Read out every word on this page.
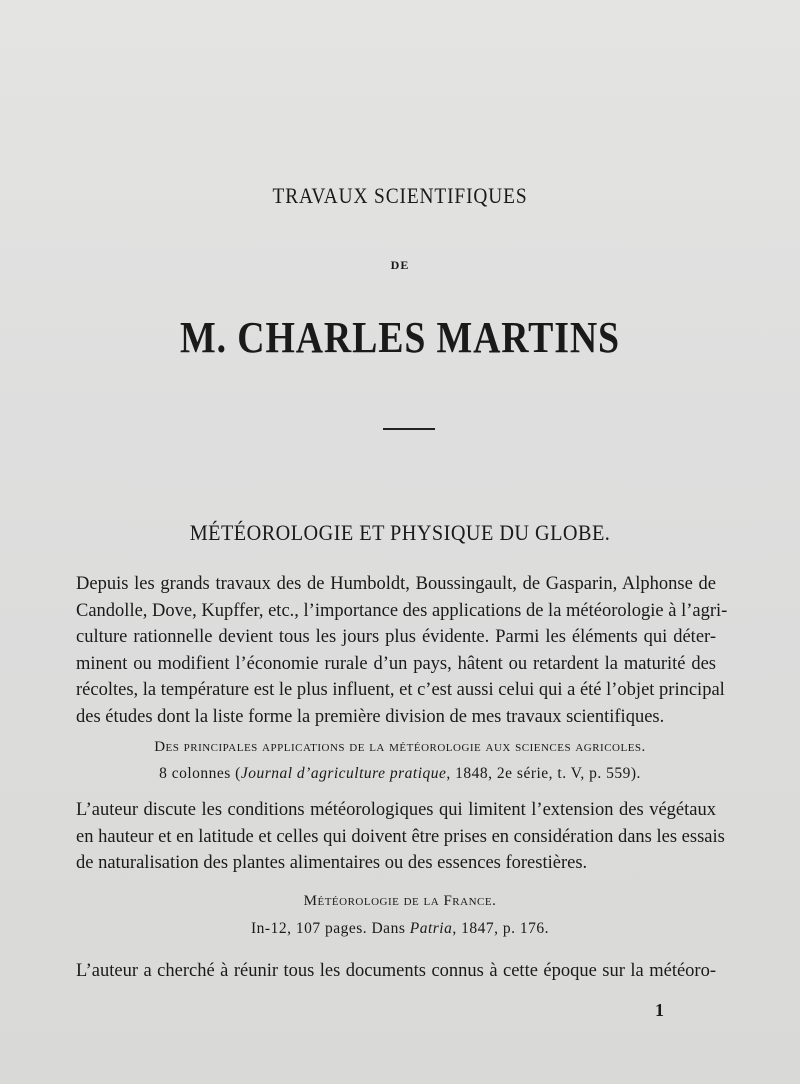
TRAVAUX SCIENTIFIQUES
DE
M. CHARLES MARTINS
MÉTÉOROLOGIE ET PHYSIQUE DU GLOBE.
Depuis les grands travaux des de Humboldt, Boussingault, de Gasparin, Alphonse de
Candolle, Dove, Kupffer, etc., l’importance des applications de la météorologie à l’agri-
culture rationnelle devient tous les jours plus évidente. Parmi les éléments qui déter-
minent ou modifient l’économie rurale d’un pays, hâtent ou retardent la maturité des
récoltes, la température est le plus influent, et c’est aussi celui qui a été l’objet principal
des études dont la liste forme la première division de mes travaux scientifiques.
Des principales applications de la météorologie aux sciences agricoles.
8 colonnes (Journal d’agriculture pratique, 1848, 2e série, t. V, p. 559).
L’auteur discute les conditions météorologiques qui limitent l’extension des végétaux
en hauteur et en latitude et celles qui doivent être prises en considération dans les essais
de naturalisation des plantes alimentaires ou des essences forestières.
Météorologie de la France.
In-12, 107 pages. Dans Patria, 1847, p. 176.
L’auteur a cherché à réunir tous les documents connus à cette époque sur la météoro-
1
